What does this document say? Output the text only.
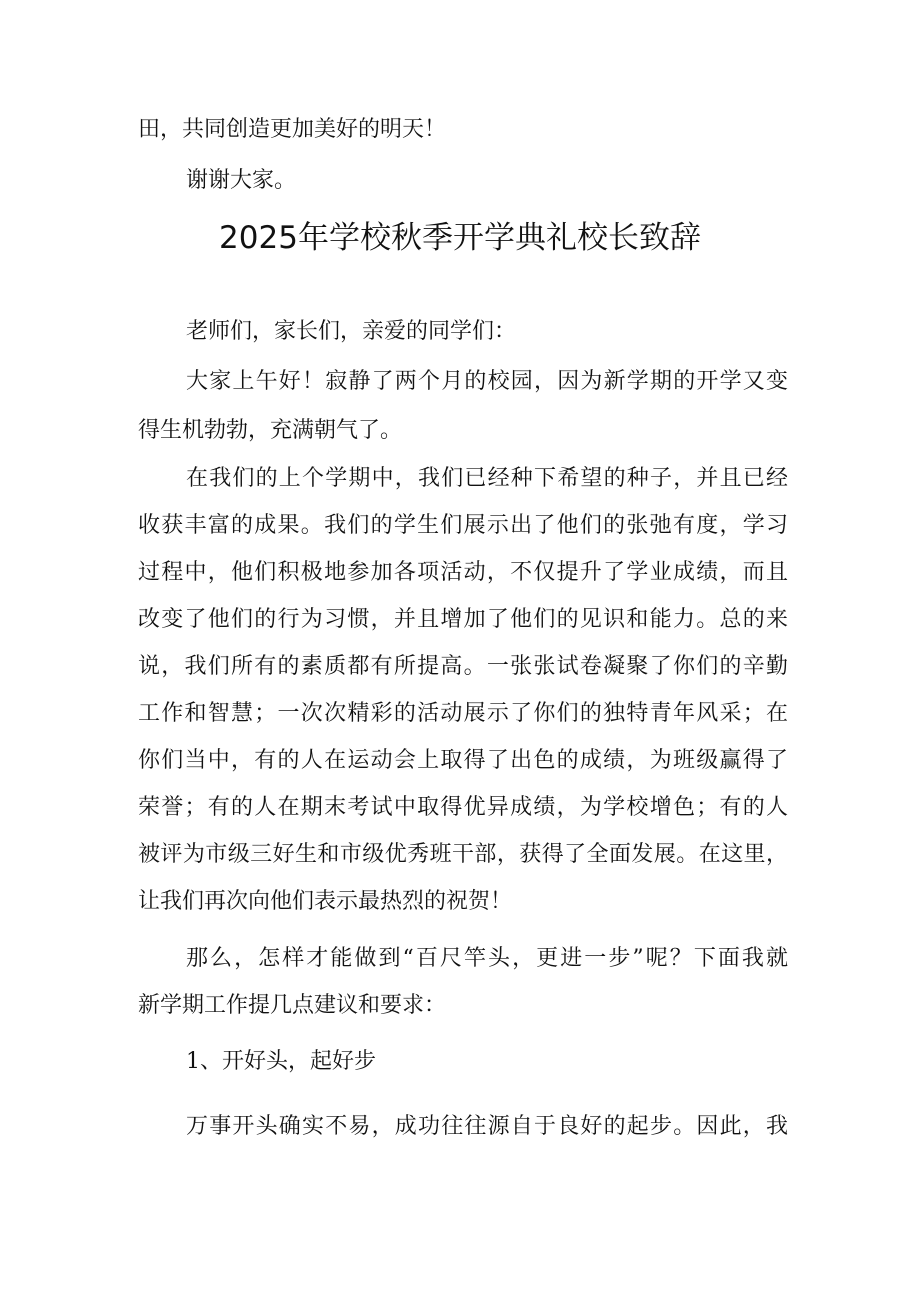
田，共同创造更加美好的明天！

谢谢大家。

2025年学校秋季开学典礼校长致辞

老师们，家长们，亲爱的同学们：

大家上午好！寂静了两个月的校园，因为新学期的开学又变

得生机勃勃，充满朝气了。

在我们的上个学期中，我们已经种下希望的种子，并且已经

收获丰富的成果。我们的学生们展示出了他们的张弛有度，学习

过程中，他们积极地参加各项活动，不仅提升了学业成绩，而且

改变了他们的行为习惯，并且增加了他们的见识和能力。总的来

说，我们所有的素质都有所提高。一张张试卷凝聚了你们的辛勤

工作和智慧；一次次精彩的活动展示了你们的独特青年风采；在

你们当中，有的人在运动会上取得了出色的成绩，为班级赢得了

荣誉；有的人在期末考试中取得优异成绩，为学校增色；有的人

被评为市级三好生和市级优秀班干部，获得了全面发展。在这里，

让我们再次向他们表示最热烈的祝贺！

那么，怎样才能做到“百尺竿头，更进一步”呢？下面我就

新学期工作提几点建议和要求：

1、开好头，起好步

万事开头确实不易，成功往往源自于良好的起步。因此，我
